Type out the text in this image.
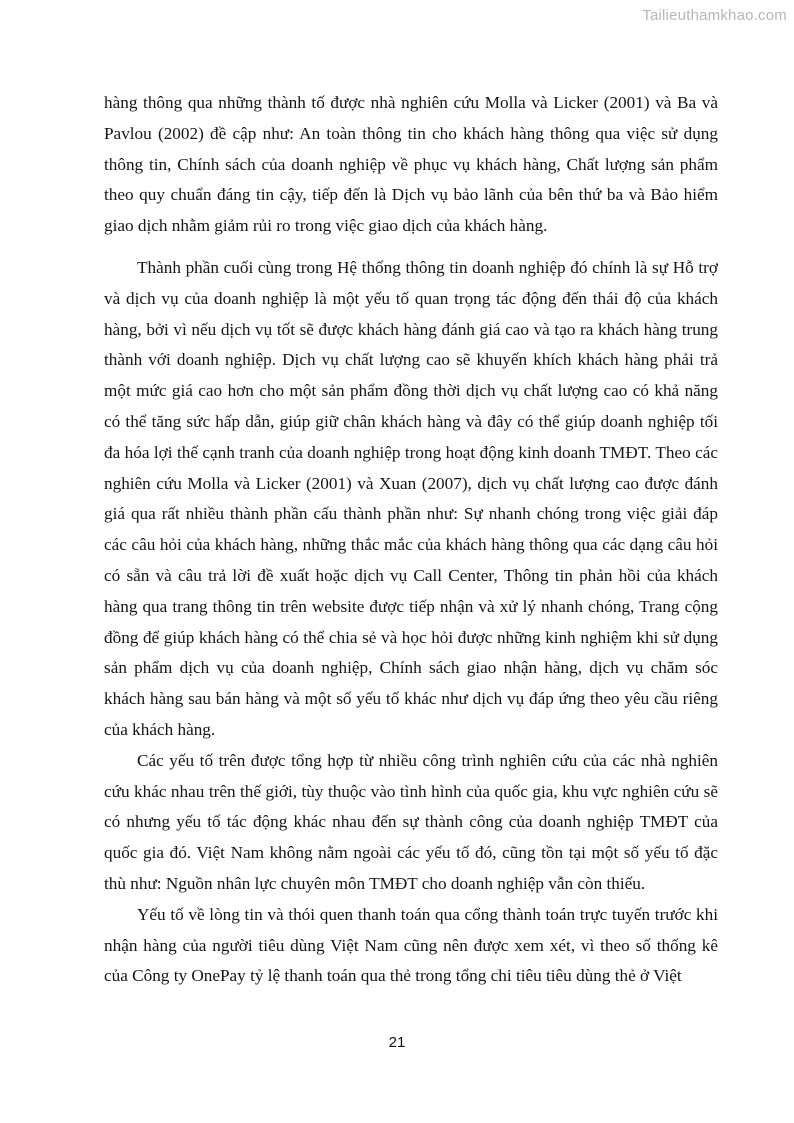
Tailieuthamkhao.com

hàng thông qua những thành tố được nhà nghiên cứu Molla và Licker (2001) và Ba và Pavlou (2002) đề cập như: An toàn thông tin cho khách hàng thông qua việc sử dụng thông tin, Chính sách của doanh nghiệp về phục vụ khách hàng, Chất lượng sản phẩm theo quy chuẩn đáng tin cậy, tiếp đến là Dịch vụ bảo lãnh của bên thứ ba và Bảo hiểm giao dịch nhằm giảm rủi ro trong việc giao dịch của khách hàng.

Thành phần cuối cùng trong Hệ thống thông tin doanh nghiệp đó chính là sự Hỗ trợ và dịch vụ của doanh nghiệp là một yếu tố quan trọng tác động đến thái độ của khách hàng, bởi vì nếu dịch vụ tốt sẽ được khách hàng đánh giá cao và tạo ra khách hàng trung thành với doanh nghiệp. Dịch vụ chất lượng cao sẽ khuyến khích khách hàng phải trả một mức giá cao hơn cho một sản phẩm đồng thời dịch vụ chất lượng cao có khả năng có thể tăng sức hấp dẫn, giúp giữ chân khách hàng và đây có thể giúp doanh nghiệp tối đa hóa lợi thế cạnh tranh của doanh nghiệp trong hoạt động kinh doanh TMĐT. Theo các nghiên cứu Molla và Licker (2001) và Xuan (2007), dịch vụ chất lượng cao được đánh giá qua rất nhiều thành phần cấu thành phần như: Sự nhanh chóng trong việc giải đáp các câu hỏi của khách hàng, những thắc mắc của khách hàng thông qua các dạng câu hỏi có sẵn và câu trả lời đề xuất hoặc dịch vụ Call Center, Thông tin phản hồi của khách hàng qua trang thông tin trên website được tiếp nhận và xử lý nhanh chóng, Trang cộng đồng để giúp khách hàng có thể chia sẻ và học hỏi được những kinh nghiệm khi sử dụng sản phẩm dịch vụ của doanh nghiệp, Chính sách giao nhận hàng, dịch vụ chăm sóc khách hàng sau bán hàng và một số yếu tố khác như dịch vụ đáp ứng theo yêu cầu riêng của khách hàng.

Các yếu tố trên được tổng hợp từ nhiều công trình nghiên cứu của các nhà nghiên cứu khác nhau trên thế giới, tùy thuộc vào tình hình của quốc gia, khu vực nghiên cứu sẽ có nhưng yếu tố tác động khác nhau đến sự thành công của doanh nghiệp TMĐT của quốc gia đó. Việt Nam không nằm ngoài các yếu tố đó, cũng tồn tại một số yếu tố đặc thù như: Nguồn nhân lực chuyên môn TMĐT cho doanh nghiệp vẫn còn thiếu.

Yếu tố về lòng tin và thói quen thanh toán qua cổng thành toán trực tuyến trước khi nhận hàng của người tiêu dùng Việt Nam cũng nên được xem xét, vì theo số thống kê của Công ty OnePay tỷ lệ thanh toán qua thẻ trong tổng chi tiêu tiêu dùng thẻ ở Việt

21
